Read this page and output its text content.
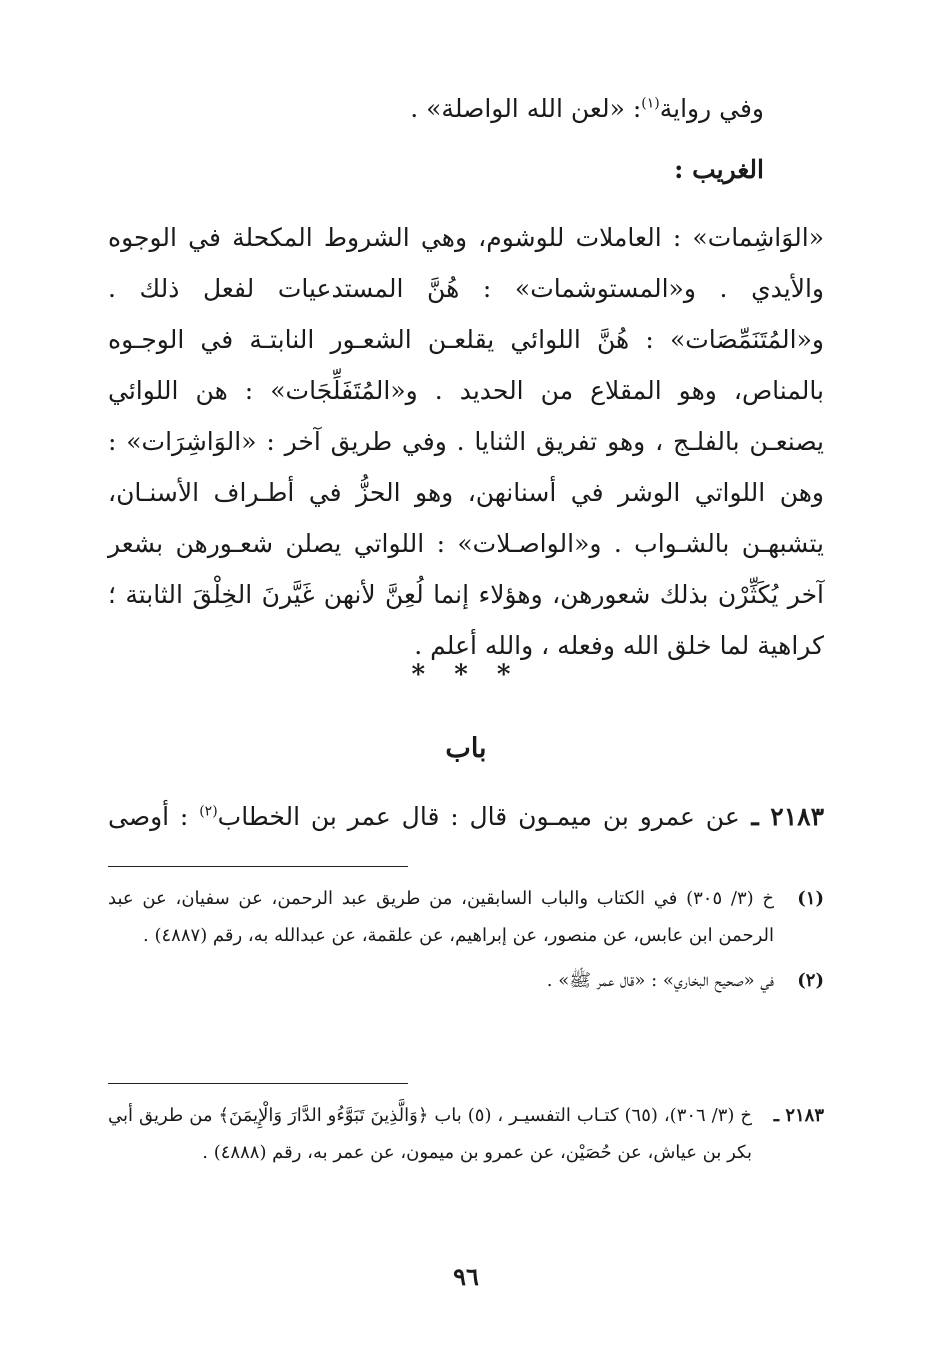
وفي رواية$^{(١)}$: «لعن الله الواصلة» .
الغريب :

«الوَاشِمات» : العاملات للوشوم، وهي الشروط المكحلة في الوجوه والأيدي . و«المستوشمات» : هُنَّ المستدعيات لفعل ذلك . و«المُتَنَمِّصَات» : هُنَّ اللوائي يقلعـن الشعـور النابتـة في الوجـوه بالمناص، وهو المقلاع من الحديد . و«المُتَفَلِّجَات» : هن اللوائي يصنعـن بالفلـج ، وهو تفريق الثنايا . وفي طريق آخر : «الوَاشِرَات» : وهن اللواتي الوشر في أسنانهن، وهو الحزُّ في أطـراف الأسنـان، يتشبهـن بالشـواب . و«الواصـلات» : اللواتي يصلن شعـورهن بشعر آخر يُكَثِّرْن بذلك شعورهن، وهؤلاء إنما لُعِنَّ لأنهن غَيَّرنَ الخِلْقَ الثابتة ؛ كراهية لما خلق الله وفعله ، والله أعلم .

* * *
باب
٢١٨٣ ـ عن عمرو بن ميمـون قال : قال عمر بن الخطاب$^{(٢)}$ : أوصى
(١)
خ (٣/ ٣٠٥) في الكتاب والباب السابقين، من طريق عبد الرحمن، عن سفيان، عن عبد الرحمن ابن عابس، عن منصور، عن إبراهيم، عن علقمة، عن عبدالله به، رقم (٤٨٨٧) .
(٢)
في «صحيح البخاري» : «قال عمر ﷺ» .
٢١٨٣ ـ
خ (٣/ ٣٠٦)، (٦٥) كتـاب التفسيـر ، (٥) باب ﴿وَالَّذِينَ تَبَوَّءُو الدَّارَ وَالْإِيمَنَ﴾ من طريق أبي بكر بن عياش، عن حُصَيْن، عن عمرو بن ميمون، عن عمر به، رقم (٤٨٨٨) .
٩٦
